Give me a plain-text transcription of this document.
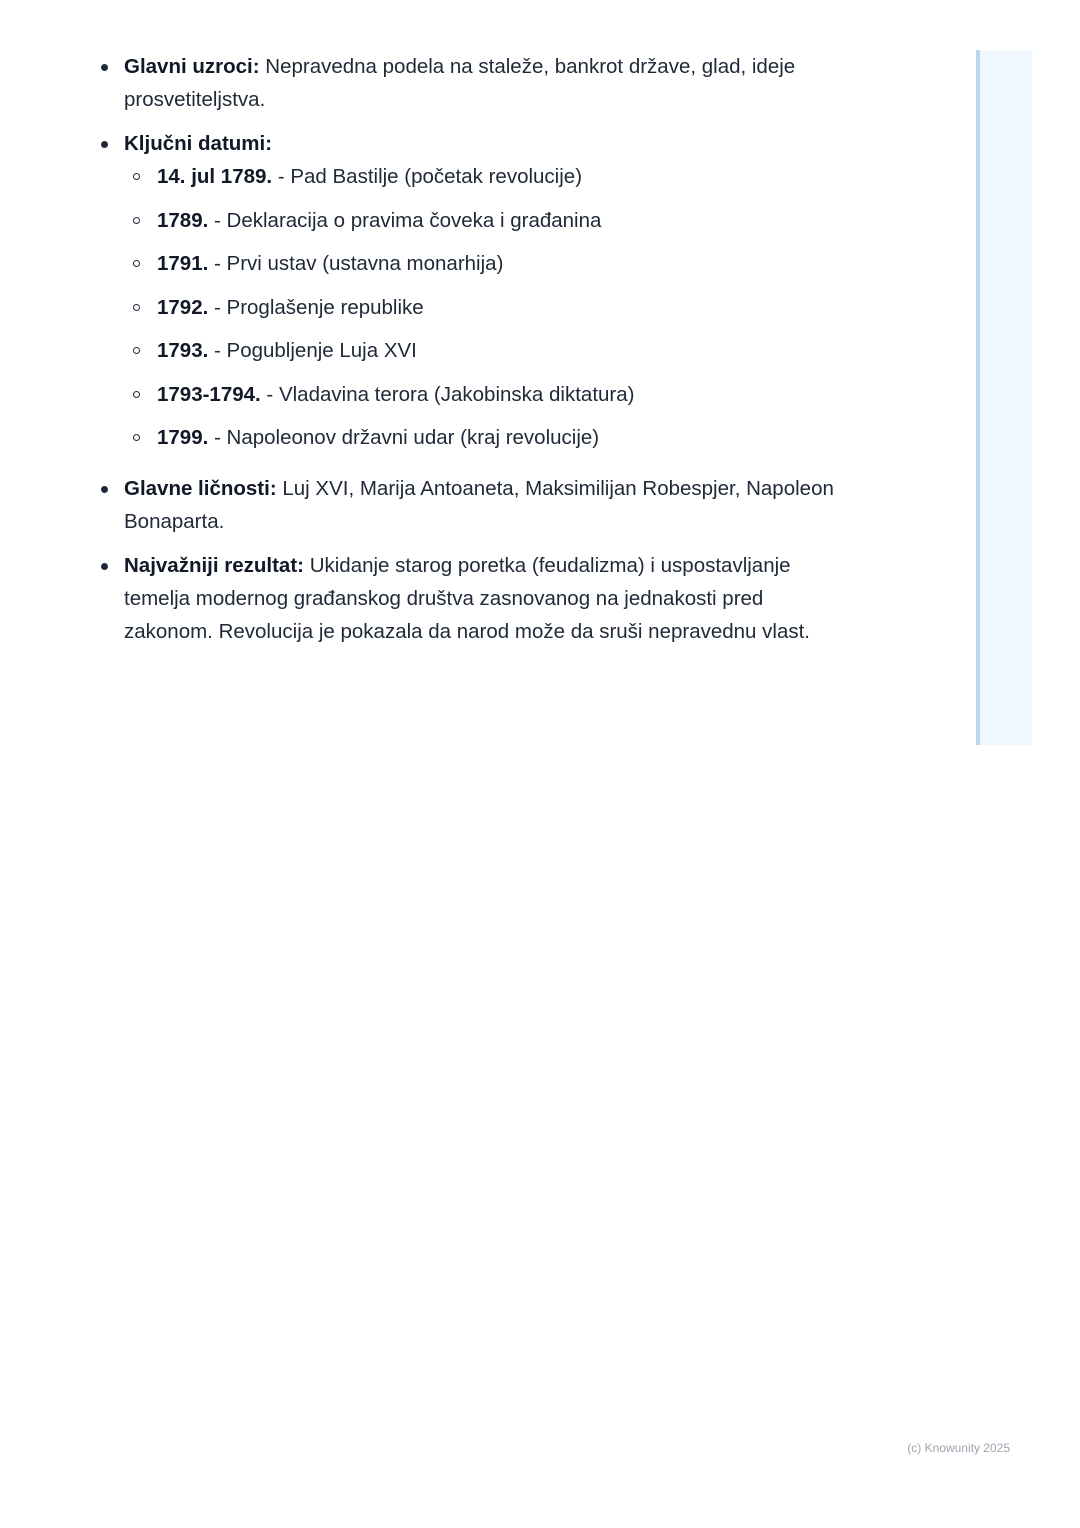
Glavni uzroci: Nepravedna podela na staleže, bankrot države, glad, ideje prosvetiteljstva.
Ključni datumi:
14. jul 1789. - Pad Bastilje (početak revolucije)
1789. - Deklaracija o pravima čoveka i građanina
1791. - Prvi ustav (ustavna monarhija)
1792. - Proglašenje republike
1793. - Pogubljenje Luja XVI
1793-1794. - Vladavina terora (Jakobinska diktatura)
1799. - Napoleonov državni udar (kraj revolucije)
Glavne ličnosti: Luj XVI, Marija Antoaneta, Maksimilijan Robespjer, Napoleon Bonaparta.
Najvažniji rezultat: Ukidanje starog poretka (feudalizma) i uspostavljanje temelja modernog građanskog društva zasnovanog na jednakosti pred zakonom. Revolucija je pokazala da narod može da sruši nepravednu vlast.
(c) Knowunity 2025
